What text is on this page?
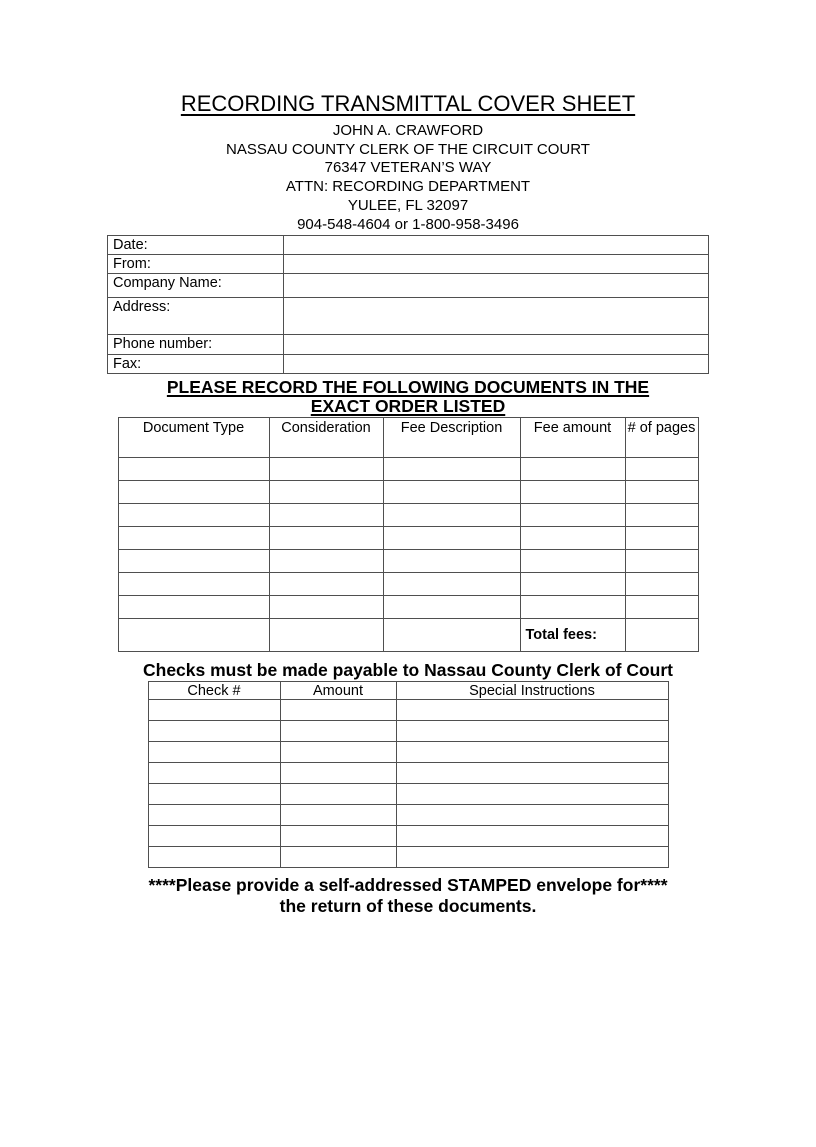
RECORDING TRANSMITTAL COVER SHEET
JOHN A. CRAWFORD
NASSAU COUNTY CLERK OF THE CIRCUIT COURT
76347 VETERAN’S WAY
ATTN: RECORDING DEPARTMENT
YULEE, FL 32097
904-548-4604 or 1-800-958-3496
Date:	
From:	
Company Name:	
Address:	
Phone number:	
Fax:	
PLEASE RECORD THE FOLLOWING DOCUMENTS IN THE
EXACT ORDER LISTED
Document Type	Consideration	Fee Description	Fee amount	# of pages

			Total fees:	
Checks must be made payable to Nassau County Clerk of Court
Check #	Amount	Special Instructions

****Please provide a self-addressed STAMPED envelope for****
the return of these documents.
